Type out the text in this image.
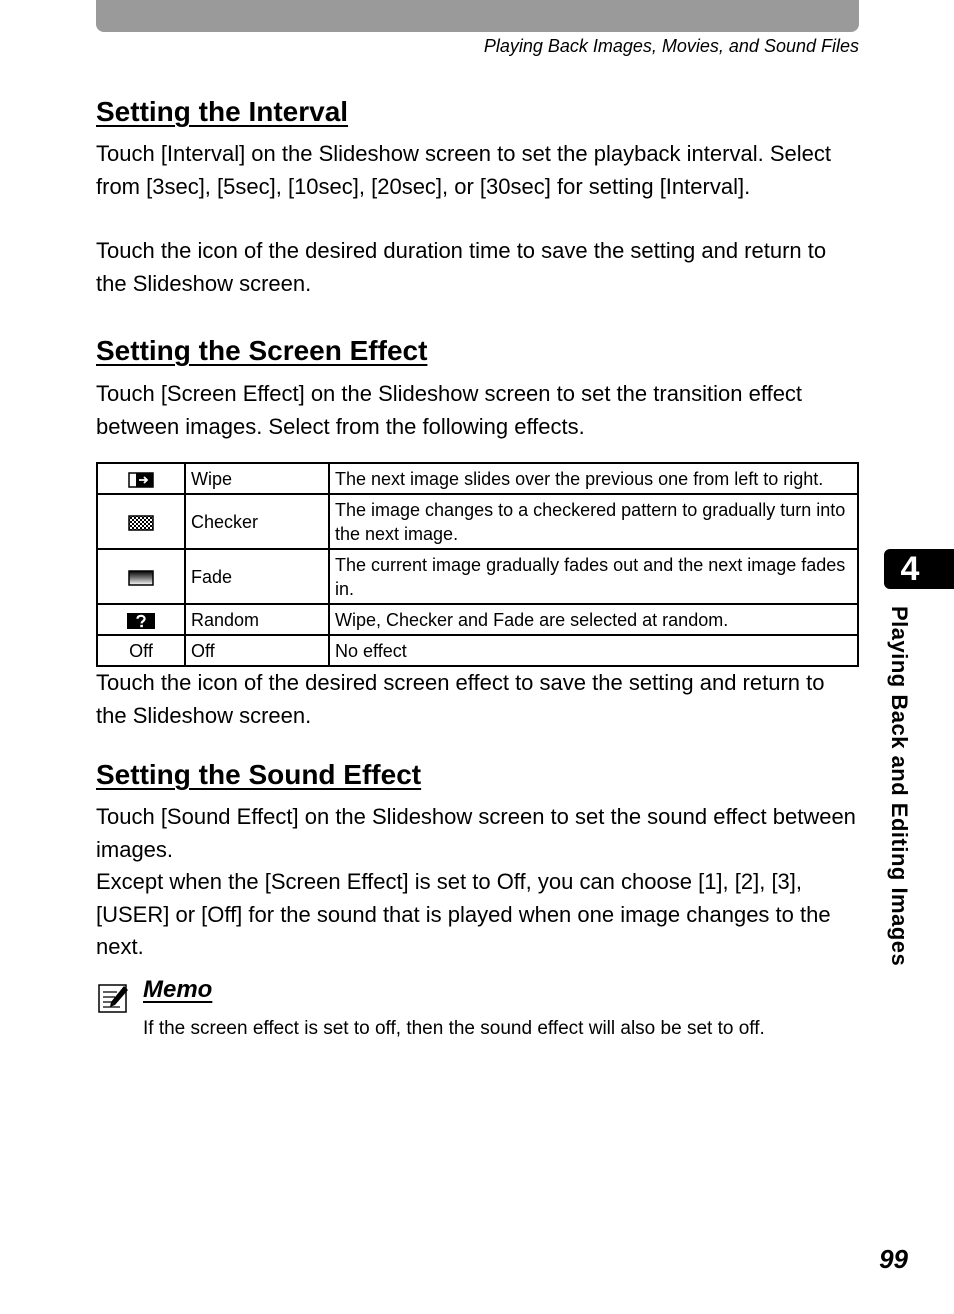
Playing Back Images, Movies, and Sound Files
Setting the Interval

Touch [Interval] on the Slideshow screen to set the playback interval. Select from [3sec], [5sec], [10sec], [20sec], or [30sec] for setting [Interval].

Touch the icon of the desired duration time to save the setting and return to the Slideshow screen.

Setting the Screen Effect

Touch [Screen Effect] on the Slideshow screen to set the transition effect between images. Select from the following effects.

	Wipe	The next image slides over the previous one from left to right.
	Checker	The image changes to a checkered pattern to gradually turn into the next image.
	Fade	The current image gradually fades out and the next image fades in.
	Random	Wipe, Checker and Fade are selected at random.
Off	Off	No effect

Touch the icon of the desired screen effect to save the setting and return to the Slideshow screen.

Setting the Sound Effect

Touch [Sound Effect] on the Slideshow screen to set the sound effect between images.

Except when the [Screen Effect] is set to Off, you can choose [1], [2], [3], [USER] or [Off] for the sound that is played when one image changes to the next.

Memo
If the screen effect is set to off, then the sound effect will also be set to off.
4
Playing Back and Editing Images
99
